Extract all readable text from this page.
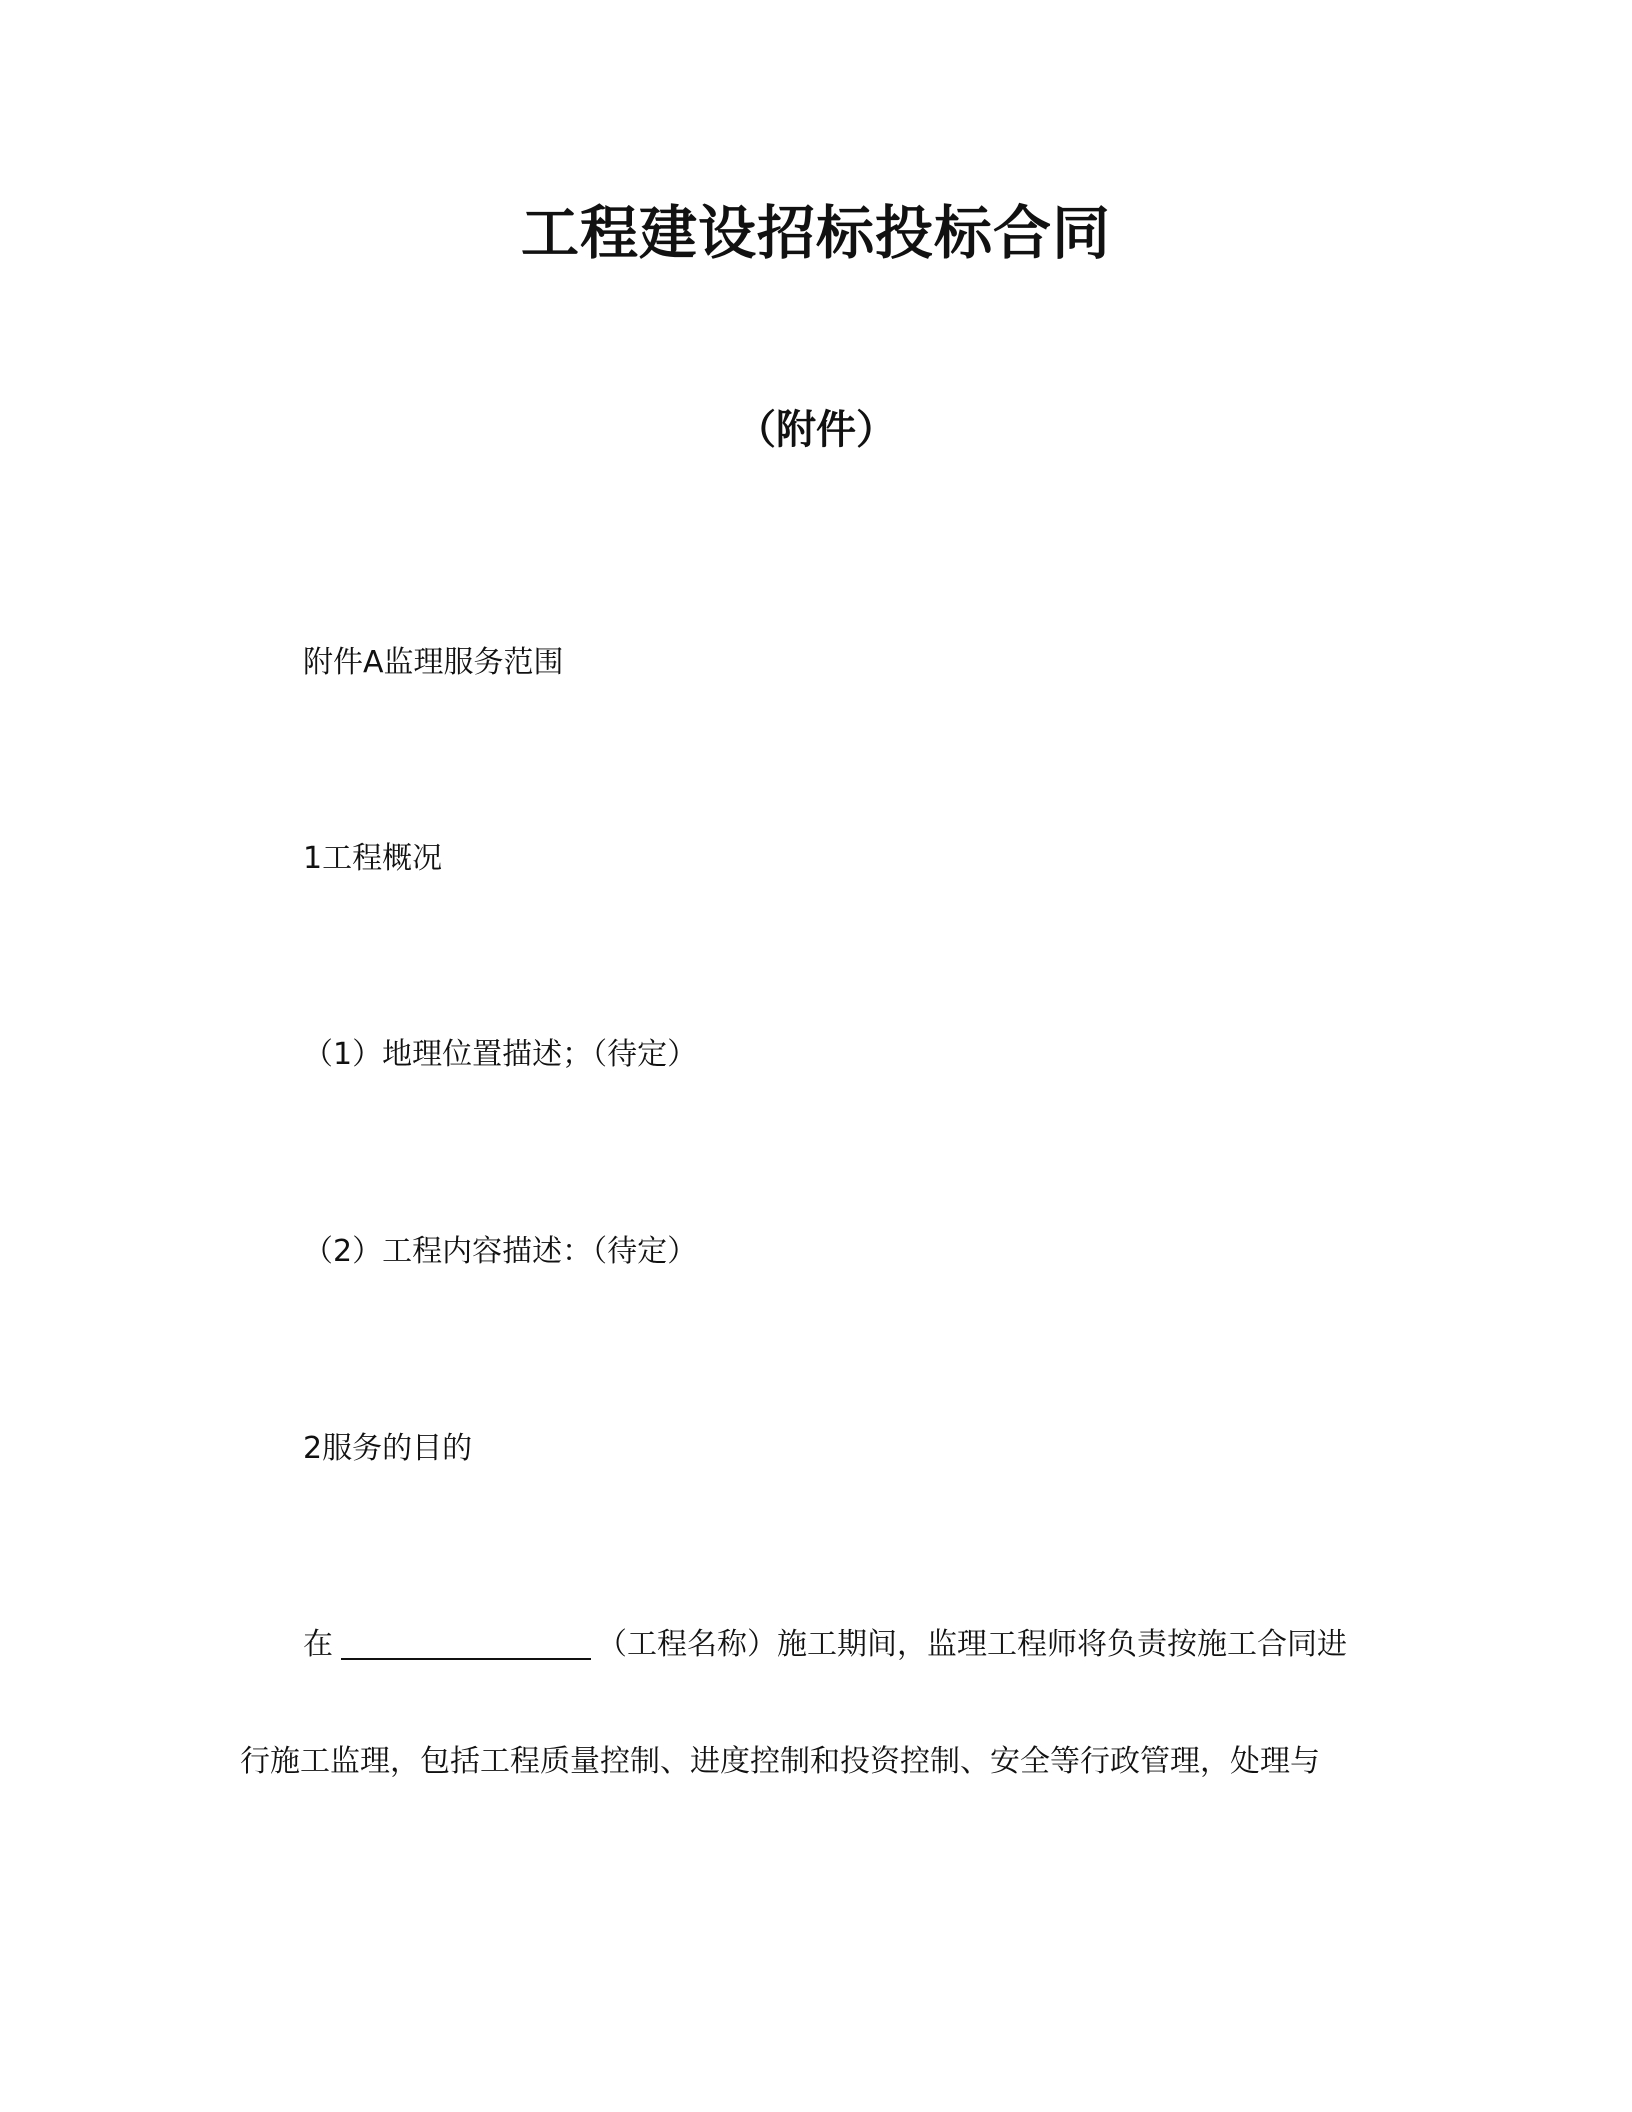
工程建设招标投标合同
（附件）
附件A监理服务范围
1工程概况
（1）地理位置描述；（待定）
（2）工程内容描述：（待定）
2服务的目的
在	（工程名称）施工期间，监理工程师将负责按施工合同进
行施工监理，包括工程质量控制、进度控制和投资控制、安全等行政管理，处理与
